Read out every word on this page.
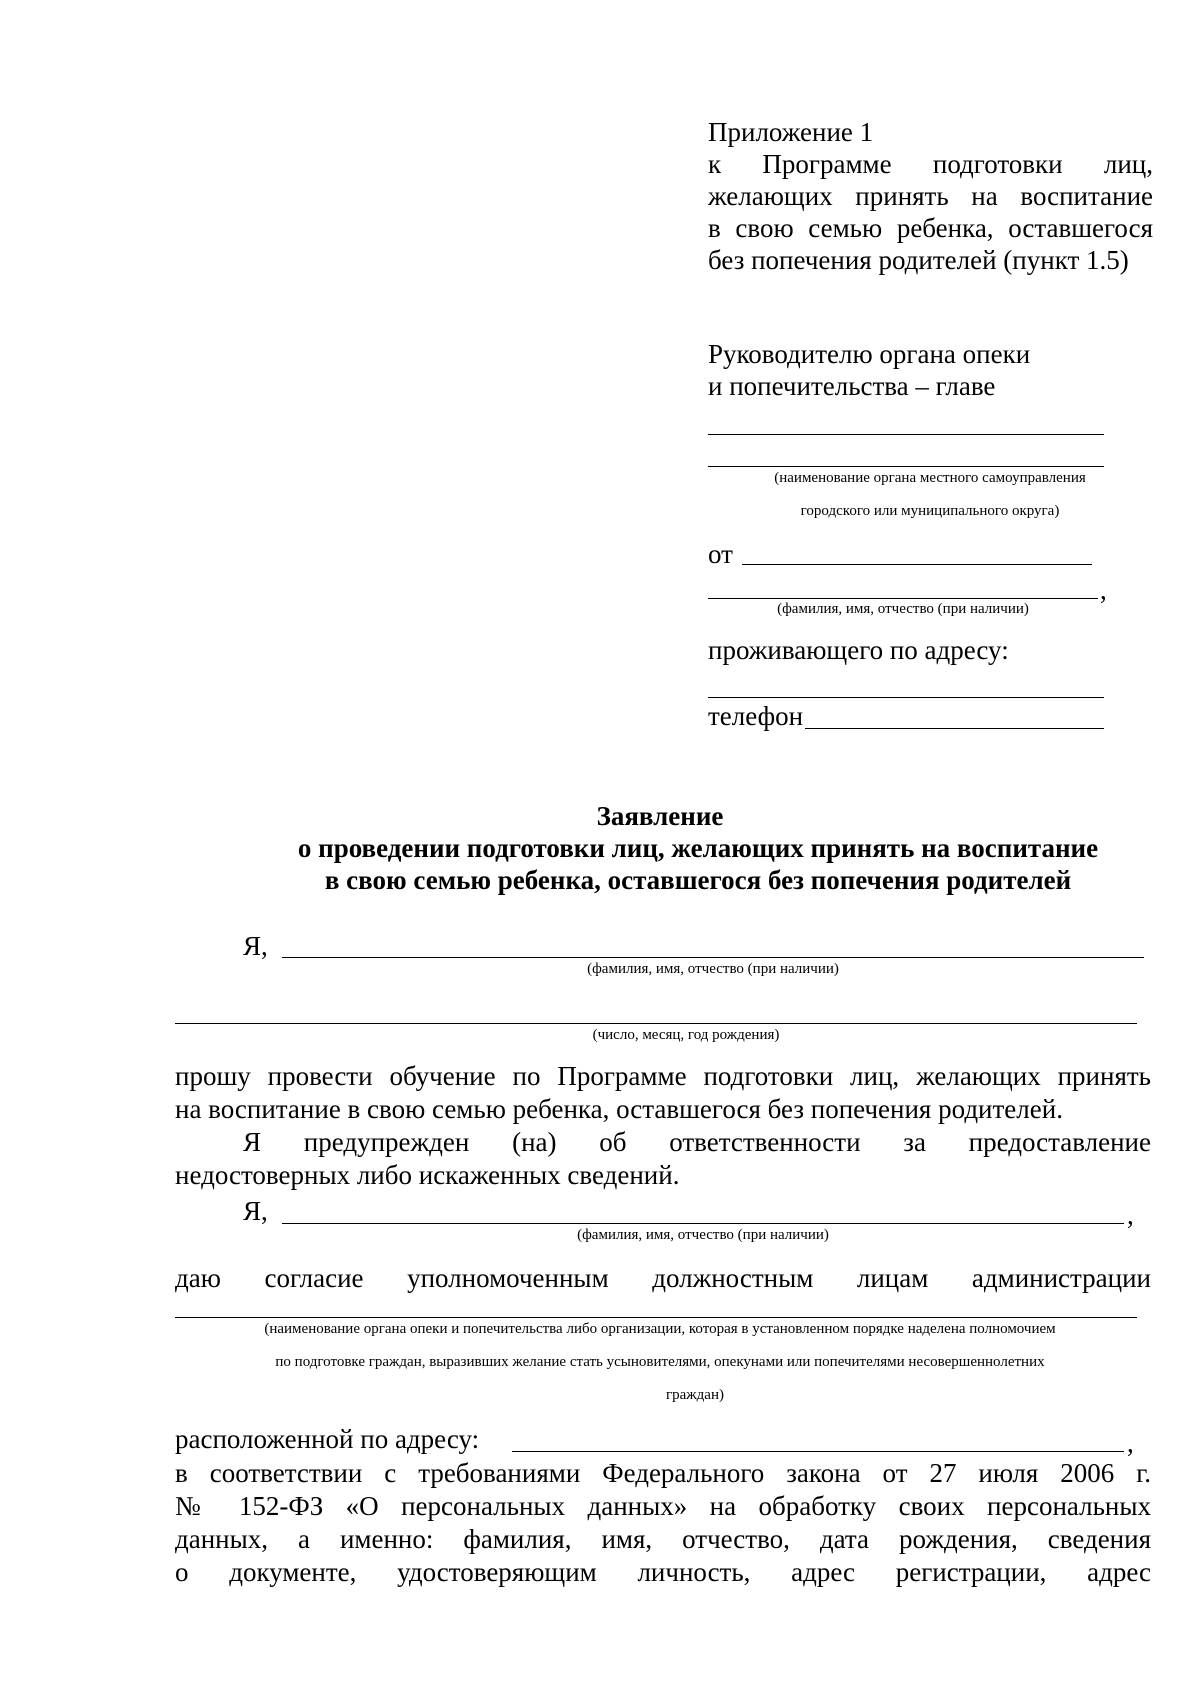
Приложение 1
к Программе подготовки лиц,
желающих принять на воспитание
в свою семью ребенка, оставшегося
без попечения родителей (пункт 1.5)
Руководителю органа опеки
и попечительства – главе
(наименование органа местного самоуправления
городского или муниципального округа)
от
,
(фамилия, имя, отчество (при наличии)
проживающего по адресу:
телефон
Заявление
о проведении подготовки лиц, желающих принять на воспитание
в свою семью ребенка, оставшегося без попечения родителей
Я,
(фамилия, имя, отчество (при наличии)
(число, месяц, год рождения)
прошу провести обучение по Программе подготовки лиц, желающих принять
на воспитание в свою семью ребенка, оставшегося без попечения родителей.
Я предупрежден (на) об ответственности за предоставление
недостоверных либо искаженных сведений.
Я,	,
(фамилия, имя, отчество (при наличии)
даю согласие уполномоченным должностным лицам администрации
(наименование органа опеки и попечительства либо организации, которая в установленном порядке наделена полномочием
по подготовке граждан, выразивших желание стать усыновителями, опекунами или попечителями несовершеннолетних
граждан)
расположенной по адресу:	,
в соответствии с требованиями Федерального закона от 27 июля 2006 г.
№ 152-ФЗ «О персональных данных» на обработку своих персональных
данных, а именно: фамилия, имя, отчество, дата рождения, сведения
о документе, удостоверяющим личность, адрес регистрации, адрес
